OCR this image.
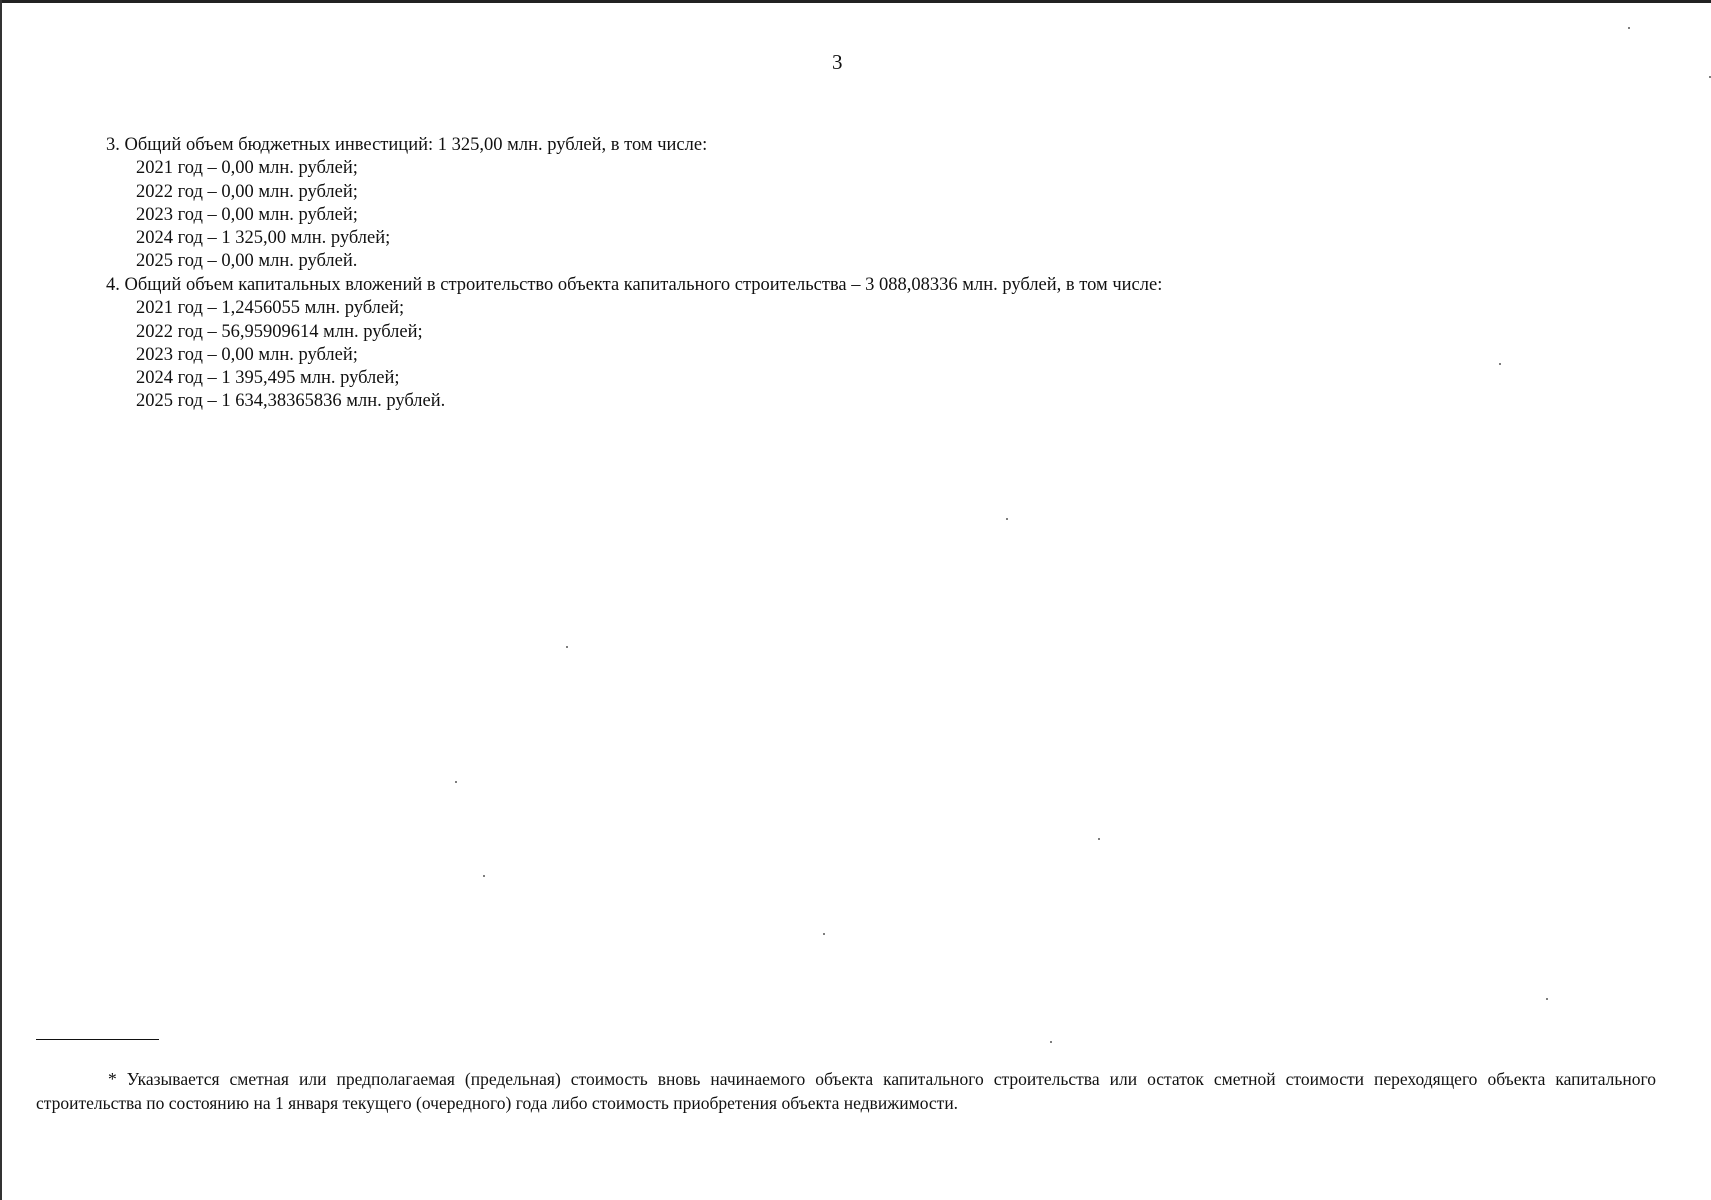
3
3. Общий объем бюджетных инвестиций: 1 325,00 млн. рублей, в том числе:
2021 год – 0,00 млн. рублей;
2022 год – 0,00 млн. рублей;
2023 год – 0,00 млн. рублей;
2024 год – 1 325,00 млн. рублей;
2025 год – 0,00 млн. рублей.
4. Общий объем капитальных вложений в строительство объекта капитального строительства – 3 088,08336 млн. рублей, в том числе:
2021 год – 1,2456055 млн. рублей;
2022 год – 56,95909614 млн. рублей;
2023 год – 0,00 млн. рублей;
2024 год – 1 395,495 млн. рублей;
2025 год – 1 634,38365836 млн. рублей.
* Указывается сметная или предполагаемая (предельная) стоимость вновь начинаемого объекта капитального строительства или остаток сметной стоимости переходящего объекта капитального строительства по состоянию на 1 января текущего (очередного) года либо стоимость приобретения объекта недвижимости.
